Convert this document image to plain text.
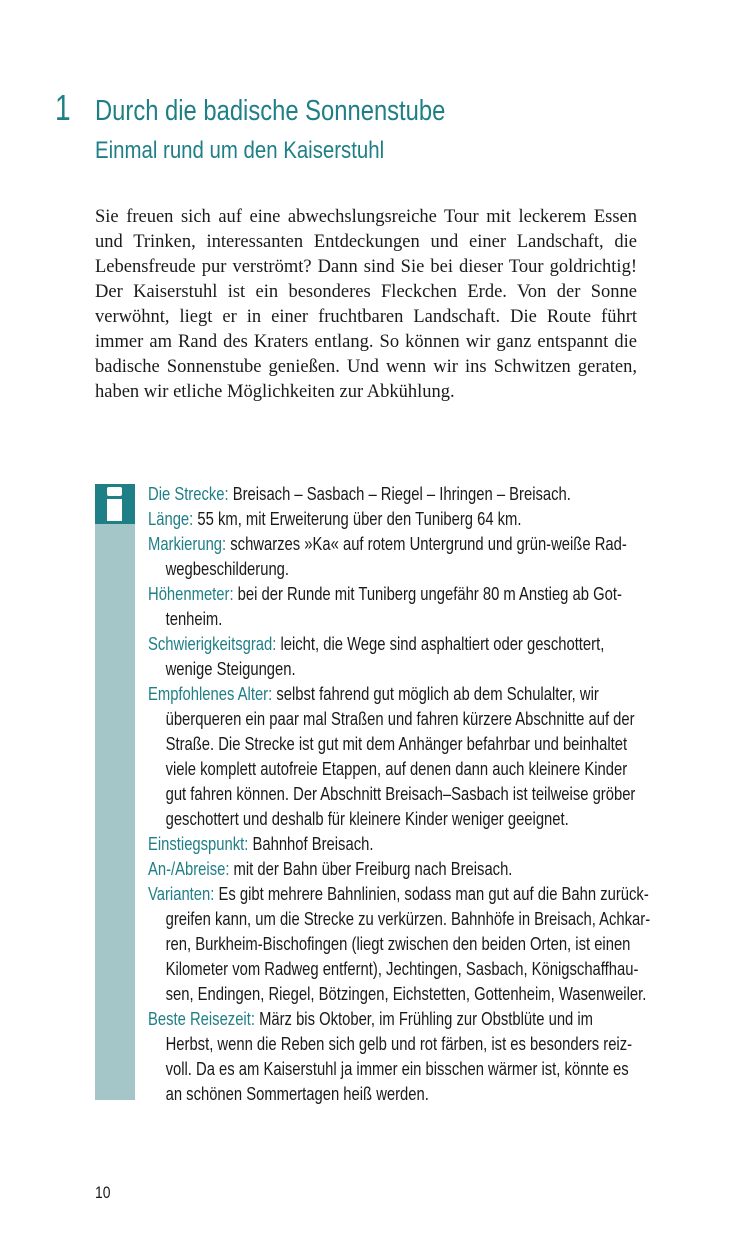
1 Durch die badische Sonnenstube
Einmal rund um den Kaiserstuhl

Sie freuen sich auf eine abwechslungsreiche Tour mit leckerem Essen und Trinken, interessanten Entdeckungen und einer Landschaft, die Lebensfreude pur verströmt? Dann sind Sie bei dieser Tour goldrichtig! Der Kaiserstuhl ist ein besonderes Fleckchen Erde. Von der Sonne verwöhnt, liegt er in einer fruchtbaren Landschaft. Die Route führt immer am Rand des Kraters entlang. So können wir ganz entspannt die badische Sonnenstube genießen. Und wenn wir ins Schwitzen geraten, haben wir etliche Möglichkeiten zur Abkühlung.

Die Strecke: Breisach – Sasbach – Riegel – Ihringen – Breisach.
Länge: 55 km, mit Erweiterung über den Tuniberg 64 km.
Markierung: schwarzes »Ka« auf rotem Untergrund und grün-weiße Rad-
wegbeschilderung.
Höhenmeter: bei der Runde mit Tuniberg ungefähr 80 m Anstieg ab Got-
tenheim.
Schwierigkeitsgrad: leicht, die Wege sind asphaltiert oder geschottert,
wenige Steigungen.
Empfohlenes Alter: selbst fahrend gut möglich ab dem Schulalter, wir
überqueren ein paar mal Straßen und fahren kürzere Abschnitte auf der
Straße. Die Strecke ist gut mit dem Anhänger befahrbar und beinhaltet
viele komplett autofreie Etappen, auf denen dann auch kleinere Kinder
gut fahren können. Der Abschnitt Breisach–Sasbach ist teilweise gröber
geschottert und deshalb für kleinere Kinder weniger geeignet.
Einstiegspunkt: Bahnhof Breisach.
An-/Abreise: mit der Bahn über Freiburg nach Breisach.
Varianten: Es gibt mehrere Bahnlinien, sodass man gut auf die Bahn zurück-
greifen kann, um die Strecke zu verkürzen. Bahnhöfe in Breisach, Achkar-
ren, Burkheim-Bischofingen (liegt zwischen den beiden Orten, ist einen
Kilometer vom Radweg entfernt), Jechtingen, Sasbach, Königschaffhau-
sen, Endingen, Riegel, Bötzingen, Eichstetten, Gottenheim, Wasenweiler.
Beste Reisezeit: März bis Oktober, im Frühling zur Obstblüte und im
Herbst, wenn die Reben sich gelb und rot färben, ist es besonders reiz-
voll. Da es am Kaiserstuhl ja immer ein bisschen wärmer ist, könnte es
an schönen Sommertagen heiß werden.
10
